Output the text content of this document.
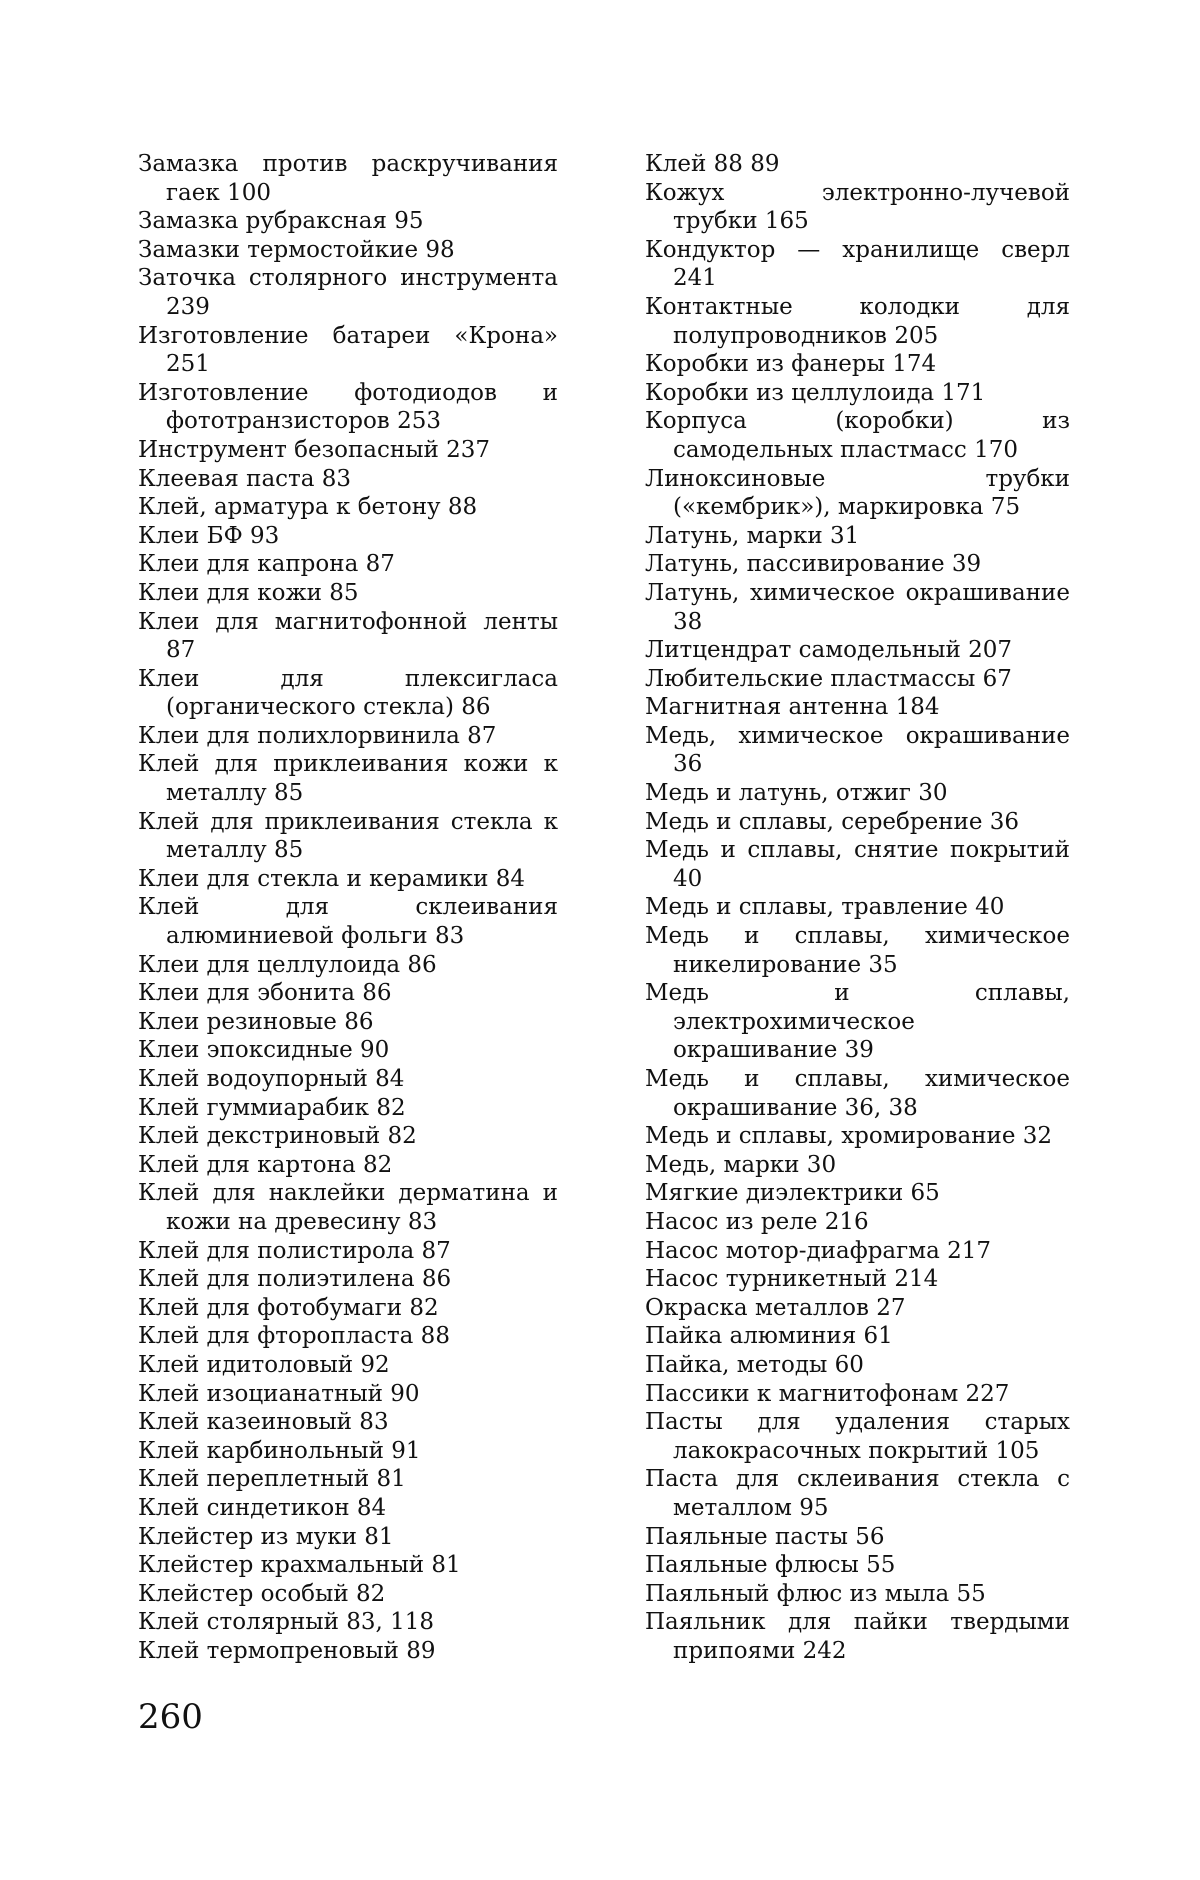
Замазка против раскручивания гаек 100
Замазка рубраксная 95
Замазки термостойкие 98
Заточка столярного инструмента 239
Изготовление батареи «Крона» 251
Изготовление фотодиодов и фототранзисторов 253
Инструмент безопасный 237
Клеевая паста 83
Клей, арматура к бетону 88
Клеи БФ 93
Клеи для капрона 87
Клеи для кожи 85
Клеи для магнитофонной ленты 87
Клеи для плексигласа (органического стекла) 86
Клеи для полихлорвинила 87
Клей для приклеивания кожи к металлу 85
Клей для приклеивания стекла к металлу 85
Клеи для стекла и керамики 84
Клей для склеивания алюминиевой фольги 83
Клеи для целлулоида 86
Клеи для эбонита 86
Клеи резиновые 86
Клеи эпоксидные 90
Клей водоупорный 84
Клей гуммиарабик 82
Клей декстриновый 82
Клей для картона 82
Клей для наклейки дерматина и кожи на древесину 83
Клей для полистирола 87
Клей для полиэтилена 86
Клей для фотобумаги 82
Клей для фторопласта 88
Клей идитоловый 92
Клей изоцианатный 90
Клей казеиновый 83
Клей карбинольный 91
Клей переплетный 81
Клей синдетикон 84
Клейстер из муки 81
Клейстер крахмальный 81
Клейстер особый 82
Клей столярный 83, 118
Клей термопреновый 89
Клей 88 89
Кожух электронно-лучевой трубки 165
Кондуктор — хранилище сверл 241
Контактные колодки для полупроводников 205
Коробки из фанеры 174
Коробки из целлулоида 171
Корпуса (коробки) из самодельных пластмасс 170
Линоксиновые трубки («кембрик»), маркировка 75
Латунь, марки 31
Латунь, пассивирование 39
Латунь, химическое окрашивание 38
Литцендрат самодельный 207
Любительские пластмассы 67
Магнитная антенна 184
Медь, химическое окрашивание 36
Медь и латунь, отжиг 30
Медь и сплавы, серебрение 36
Медь и сплавы, снятие покрытий 40
Медь и сплавы, травление 40
Медь и сплавы, химическое никелирование 35
Медь и сплавы, электрохимическое окрашивание 39
Медь и сплавы, химическое окрашивание 36, 38
Медь и сплавы, хромирование 32
Медь, марки 30
Мягкие диэлектрики 65
Насос из реле 216
Насос мотор-диафрагма 217
Насос турникетный 214
Окраска металлов 27
Пайка алюминия 61
Пайка, методы 60
Пассики к магнитофонам 227
Пасты для удаления старых лакокрасочных покрытий 105
Паста для склеивания стекла с металлом 95
Паяльные пасты 56
Паяльные флюсы 55
Паяльный флюс из мыла 55
Паяльник для пайки твердыми припоями 242

260
